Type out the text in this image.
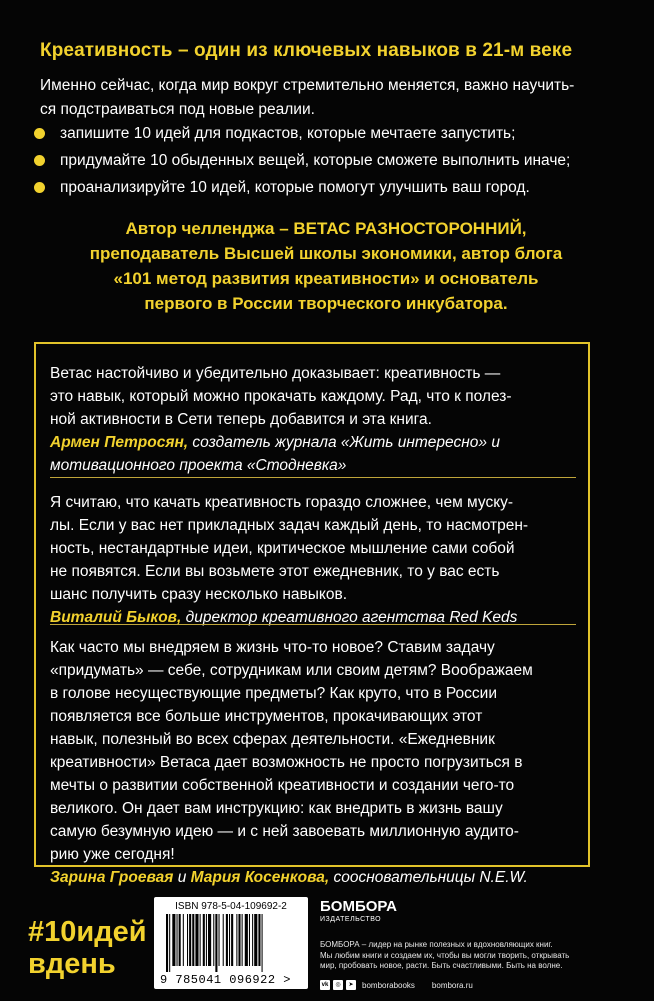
Креативность – один из ключевых навыков в 21-м веке
Именно сейчас, когда мир вокруг стремительно меняется, важно научить-
ся подстраиваться под новые реалии.
запишите 10 идей для подкастов, которые мечтаете запустить;
придумайте 10 обыденных вещей, которые сможете выполнить иначе;
проанализируйте 10 идей, которые помогут улучшить ваш город.
Автор челленджа – ВЕТАС РАЗНОСТОРОННИЙ,
преподаватель Высшей школы экономики, автор блога
«101 метод развития креативности» и основатель
первого в России творческого инкубатора.
Ветас настойчиво и убедительно доказывает: креативность —
это навык, который можно прокачать каждому. Рад, что к полез-
ной активности в Сети теперь добавится и эта книга.
Армен Петросян, создатель журнала «Жить интересно» и
мотивационного проекта «Стодневка»
Я считаю, что качать креативность гораздо сложнее, чем муску-
лы. Если у вас нет прикладных задач каждый день, то насмотрен-
ность, нестандартные идеи, критическое мышление сами собой
не появятся. Если вы возьмете этот ежедневник, то у вас есть
шанс получить сразу несколько навыков.
Виталий Быков, директор креативного агентства Red Keds
Как часто мы внедряем в жизнь что-то новое? Ставим задачу
«придумать» — себе, сотрудникам или своим детям? Воображаем
в голове несуществующие предметы? Как круто, что в России
появляется все больше инструментов, прокачивающих этот
навык, полезный во всех сферах деятельности. «Ежедневник
креативности» Ветаса дает возможность не просто погрузиться в
мечты о развитии собственной креативности и создании чего-то
великого. Он дает вам инструкцию: как внедрить в жизнь вашу
самую безумную идею — и с ней завоевать миллионную аудито-
рию уже сегодня!
Зарина Гроевая и Мария Косенкова, соосновательницы N.E.W.
#10идей
вдень
ISBN 978-5-04-109692-2
9 785041 096922 >
БОМБОРА
ИЗДАТЕЛЬСТВО
БОМБОРА – лидер на рынке полезных и вдохновляющих книг.
Мы любим книги и создаем их, чтобы вы могли творить, открывать
мир, пробовать новое, расти. Быть счастливыми. Быть на волне.
vk	◎	➤	bomborabooks bombora.ru
